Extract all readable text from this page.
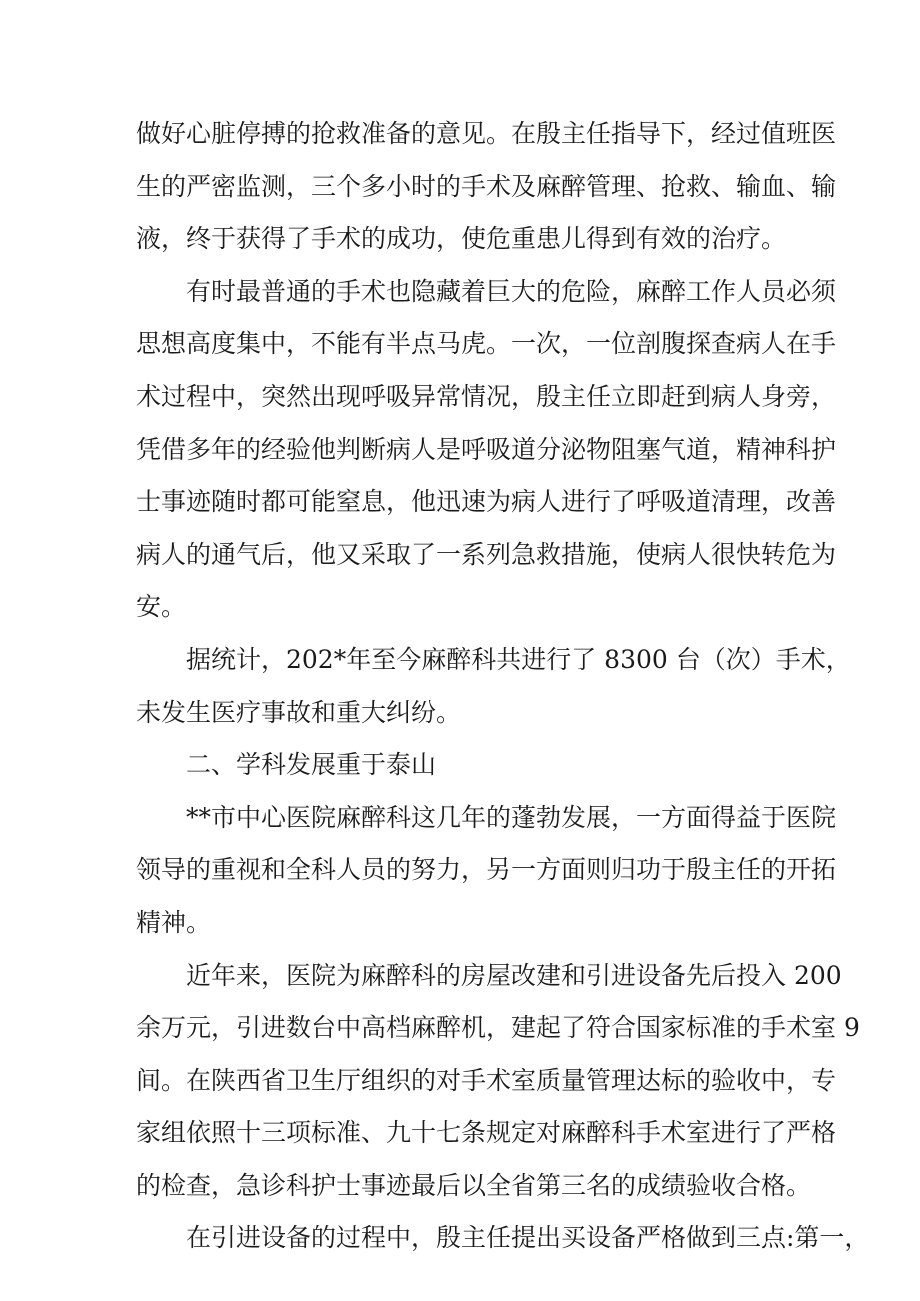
做好心脏停搏的抢救准备的意见。在殷主任指导下，经过值班医
生的严密监测，三个多小时的手术及麻醉管理、抢救、输血、输
液，终于获得了手术的成功，使危重患儿得到有效的治疗。
有时最普通的手术也隐藏着巨大的危险，麻醉工作人员必须
思想高度集中，不能有半点马虎。一次，一位剖腹探查病人在手
术过程中，突然出现呼吸异常情况，殷主任立即赶到病人身旁，
凭借多年的经验他判断病人是呼吸道分泌物阻塞气道，精神科护
士事迹随时都可能窒息，他迅速为病人进行了呼吸道清理，改善
病人的通气后，他又采取了一系列急救措施，使病人很快转危为
安。
据统计，202*年至今麻醉科共进行了 8300 台（次）手术，
未发生医疗事故和重大纠纷。
二、学科发展重于泰山
**市中心医院麻醉科这几年的蓬勃发展，一方面得益于医院
领导的重视和全科人员的努力，另一方面则归功于殷主任的开拓
精神。
近年来，医院为麻醉科的房屋改建和引进设备先后投入 200
余万元，引进数台中高档麻醉机，建起了符合国家标准的手术室 9
间。在陕西省卫生厅组织的对手术室质量管理达标的验收中，专
家组依照十三项标准、九十七条规定对麻醉科手术室进行了严格
的检查，急诊科护士事迹最后以全省第三名的成绩验收合格。
在引进设备的过程中，殷主任提出买设备严格做到三点:第一，
